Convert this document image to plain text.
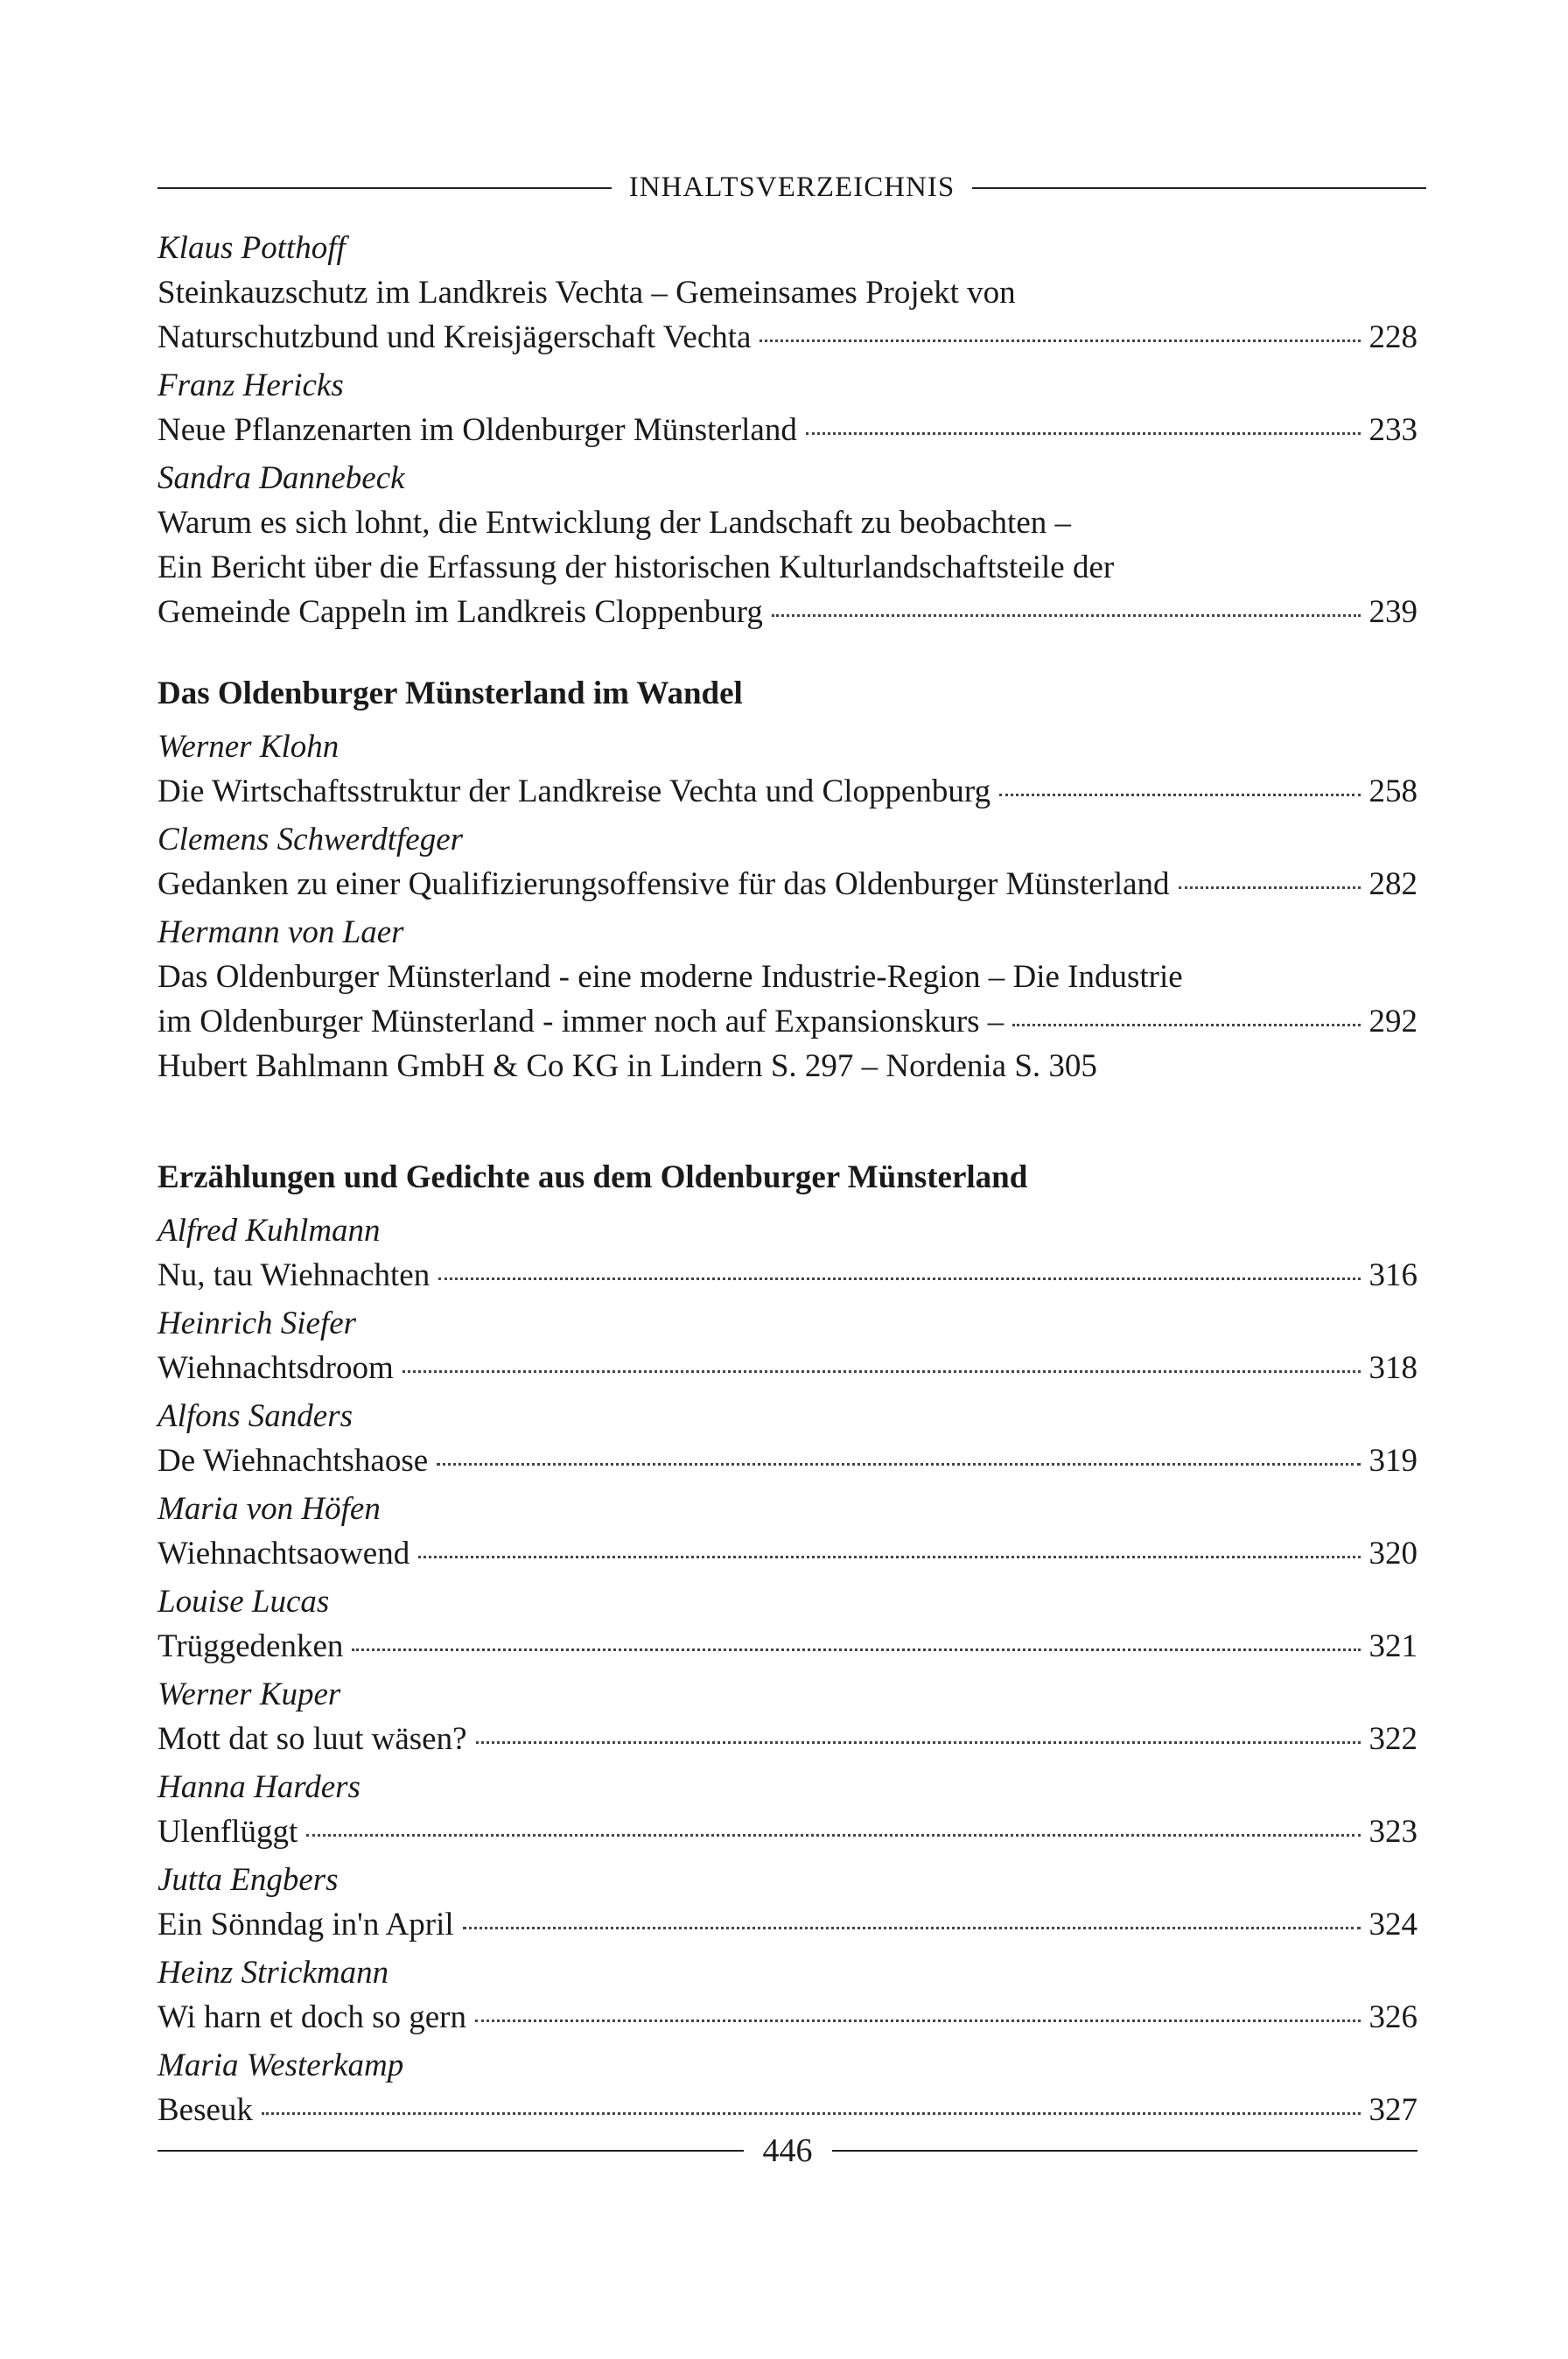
INHALTSVERZEICHNIS
Klaus Potthoff
Steinkauzschutz im Landkreis Vechta – Gemeinsames Projekt von
Naturschutzbund und Kreisjägerschaft Vechta	228
Franz Hericks
Neue Pflanzenarten im Oldenburger Münsterland	233
Sandra Dannebeck
Warum es sich lohnt, die Entwicklung der Landschaft zu beobachten –
Ein Bericht über die Erfassung der historischen Kulturlandschaftsteile der
Gemeinde Cappeln im Landkreis Cloppenburg	239
Das Oldenburger Münsterland im Wandel
Werner Klohn
Die Wirtschaftsstruktur der Landkreise Vechta und Cloppenburg	258
Clemens Schwerdtfeger
Gedanken zu einer Qualifizierungsoffensive für das Oldenburger Münsterland	282
Hermann von Laer
Das Oldenburger Münsterland - eine moderne Industrie-Region – Die Industrie
im Oldenburger Münsterland - immer noch auf Expansionskurs –	292
Hubert Bahlmann GmbH & Co KG in Lindern S. 297 – Nordenia S. 305
Erzählungen und Gedichte aus dem Oldenburger Münsterland
Alfred Kuhlmann
Nu, tau Wiehnachten	316
Heinrich Siefer
Wiehnachtsdroom	318
Alfons Sanders
De Wiehnachtshaose	319
Maria von Höfen
Wiehnachtsaowend	320
Louise Lucas
Trüggedenken	321
Werner Kuper
Mott dat so luut wäsen?	322
Hanna Harders
Ulenflüggt	323
Jutta Engbers
Ein Sönndag in'n April	324
Heinz Strickmann
Wi harn et doch so gern	326
Maria Westerkamp
Beseuk	327
446
